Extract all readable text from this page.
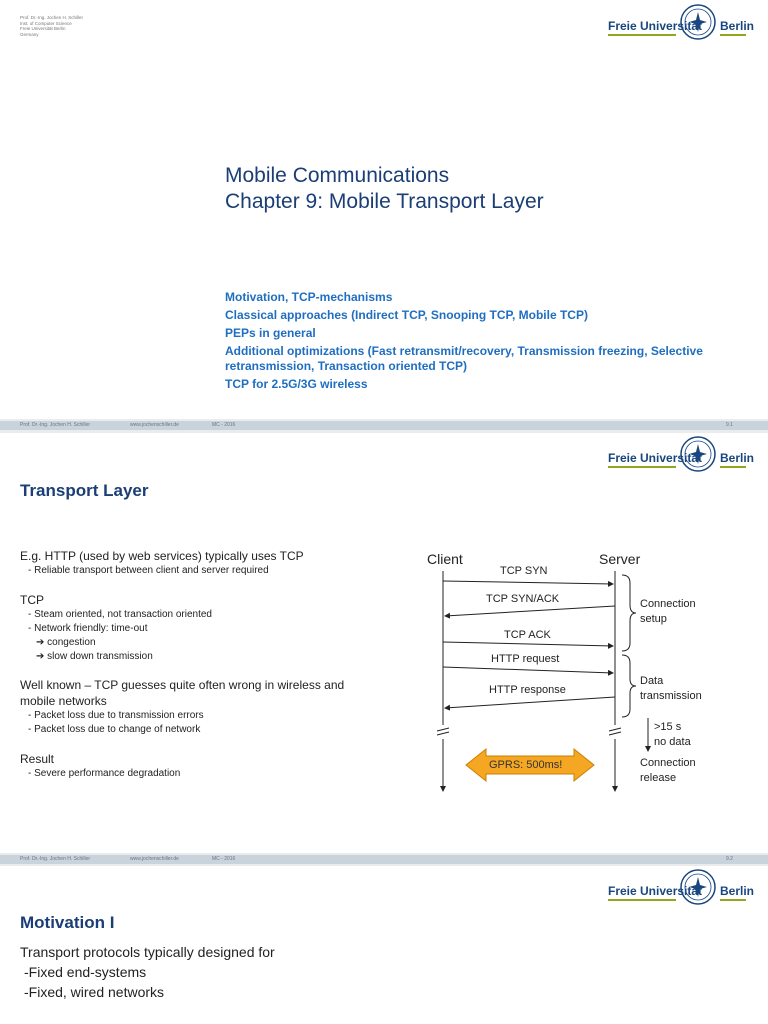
Prof. Dr.-Ing. Jochen H. Schiller
Inst. of Computer Science
Freie Universität Berlin
Germany
Freie Universität Berlin
Mobile Communications
Chapter 9: Mobile Transport Layer
Motivation, TCP-mechanisms
Classical approaches (Indirect TCP, Snooping TCP, Mobile TCP)
PEPs in general
Additional optimizations (Fast retransmit/recovery, Transmission freezing, Selective retransmission, Transaction oriented TCP)
TCP for 2.5G/3G wireless
Prof. Dr.-Ing. Jochen H. Schiller	www.jochenschiller.de	MC - 2016	9.1
Freie Universität Berlin
Transport Layer
E.g. HTTP (used by web services) typically uses TCP
- Reliable transport between client and server required
TCP
- Steam oriented, not transaction oriented
- Network friendly: time-out
➔ congestion
➔ slow down transmission
Well known – TCP guesses quite often wrong in wireless and mobile networks
- Packet loss due to transmission errors
- Packet loss due to change of network
Result
- Severe performance degradation
Client	Server
TCP SYN
TCP SYN/ACK
TCP ACK
HTTP request
HTTP response
Connection
setup
Data
transmission
>15 s
no data
Connection
release
GPRS: 500ms!
Prof. Dr.-Ing. Jochen H. Schiller	www.jochenschiller.de	MC - 2016	9.2
Freie Universität Berlin
Motivation I
Transport protocols typically designed for
-Fixed end-systems
-Fixed, wired networks
